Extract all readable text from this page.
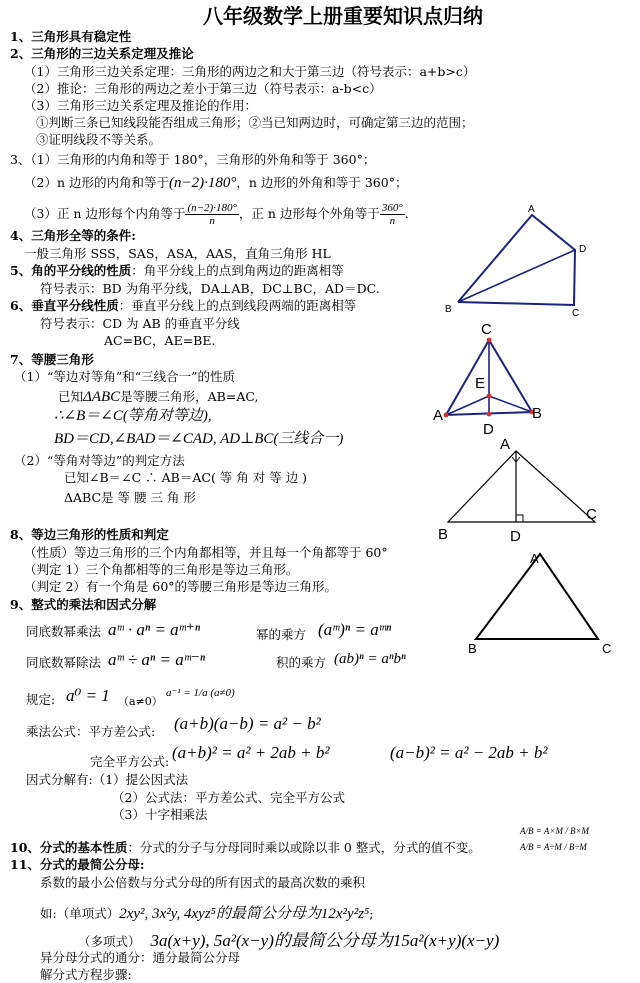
八年级数学上册重要知识点归纳
1、三角形具有稳定性
2、三角形的三边关系定理及推论
（1）三角形三边关系定理：三角形的两边之和大于第三边（符号表示：a+b>c）
（2）推论：三角形的两边之差小于第三边（符号表示：a-b<c）
（3）三角形三边关系定理及推论的作用：
①判断三条已知线段能否组成三角形；②当已知两边时，可确定第三边的范围；
③证明线段不等关系。
3、（1）三角形的内角和等于 180°，三角形的外角和等于 360°；
（2）n 边形的内角和等于(n−2)·180°，n 边形的外角和等于 360°；
（3）正 n 边形每个内角等于 $\frac{(n-2)\cdot 180^\circ}{n}$ ，正 n 边形每个外角等于 $\frac{360^\circ}{n}$ .
4、三角形全等的条件:
一般三角形 SSS，SAS，ASA，AAS，直角三角形 HL
5、角的平分线的性质：角平分线上的点到角两边的距离相等
符号表示：BD 为角平分线，DA⊥AB，DC⊥BC，AD＝DC.
6、垂直平分线性质：垂直平分线上的点到线段两端的距离相等
符号表示：CD 为 AB 的垂直平分线
AC=BC，AE=BE.
7、等腰三角形
（1）“等边对等角”和“三线合一”的性质
已知ΔABC是等腰三角形，AB=AC,
∴∠B＝∠C(等角对等边),
BD＝CD,∠BAD＝∠CAD, AD⊥BC(三线合一)
（2）“等角对等边”的判定方法
已知∠B＝∠C ∴ AB＝AC( 等 角 对 等 边 )
ΔABC是 等 腰 三 角 形
8、等边三角形的性质和判定
（性质）等边三角形的三个内角都相等，并且每一个角都等于 60°
（判定 1）三个角都相等的三角形是等边三角形。
（判定 2）有一个角是 60°的等腰三角形是等边三角形。
9、整式的乘法和因式分解
同底数幂乘法 aᵐ · aⁿ = aᵐ⁺ⁿ	幂的乘方 (aᵐ)ⁿ = aᵐⁿ
同底数幂除法 aᵐ ÷ aⁿ = aᵐ⁻ⁿ	积的乘方 (ab)ⁿ = aⁿbⁿ
规定: a⁰ = 1 （a≠0）
a⁻¹ = 1/a (a≠0)
乘法公式：平方差公式: (a+b)(a−b) = a² − b²
完全平方公式: (a+b)² = a² + 2ab + b²	(a−b)² = a² − 2ab + b²
因式分解有:（1）提公因式法
（2）公式法：平方差公式、完全平方公式
（3）十字相乘法
10、分式的基本性质：分式的分子与分母同时乘以或除以非 0 整式，分式的值不变。
A/B = A×M / B×M
A/B = A÷M / B÷M
11、分式的最简公分母:
系数的最小公倍数与分式分母的所有因式的最高次数的乘积
如:（单项式）2xy², 3x²y, 4xyz⁵的最简公分母为12x²y²z⁵;
（多项式） 3a(x+y), 5a²(x−y)的最简公分母为15a²(x+y)(x−y)
异分母分式的通分：通分最简公分母
解分式方程步骤:
A
D
B	C
C
E
A	B
D
A
B	D
C
A
B	C
